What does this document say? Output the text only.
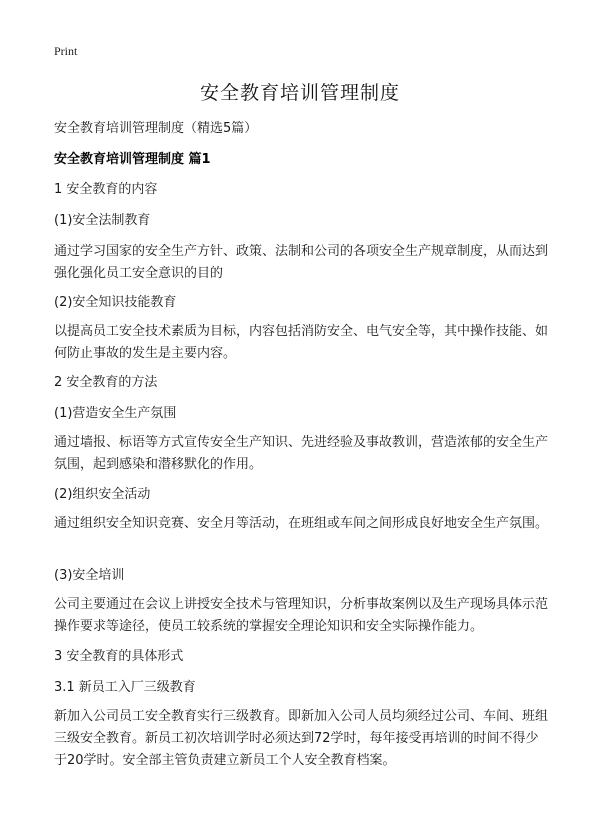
Print
安全教育培训管理制度

安全教育培训管理制度（精选5篇）

安全教育培训管理制度 篇1

1 安全教育的内容

(1)安全法制教育

通过学习国家的安全生产方针、政策、法制和公司的各项安全生产规章制度，从而达到强化强化员工安全意识的目的

(2)安全知识技能教育

以提高员工安全技术素质为目标，内容包括消防安全、电气安全等，其中操作技能、如何防止事故的发生是主要内容。

2 安全教育的方法

(1)营造安全生产氛围

通过墙报、标语等方式宣传安全生产知识、先进经验及事故教训，营造浓郁的安全生产氛围，起到感染和潜移默化的作用。

(2)组织安全活动

通过组织安全知识竞赛、安全月等活动，在班组或车间之间形成良好地安全生产氛围。

(3)安全培训

公司主要通过在会议上讲授安全技术与管理知识，分析事故案例以及生产现场具体示范操作要求等途径，使员工较系统的掌握安全理论知识和安全实际操作能力。

3 安全教育的具体形式

3.1 新员工入厂三级教育

新加入公司员工安全教育实行三级教育。即新加入公司人员均须经过公司、车间、班组三级安全教育。新员工初次培训学时必须达到72学时，每年接受再培训的时间不得少于20学时。安全部主管负责建立新员工个人安全教育档案。
